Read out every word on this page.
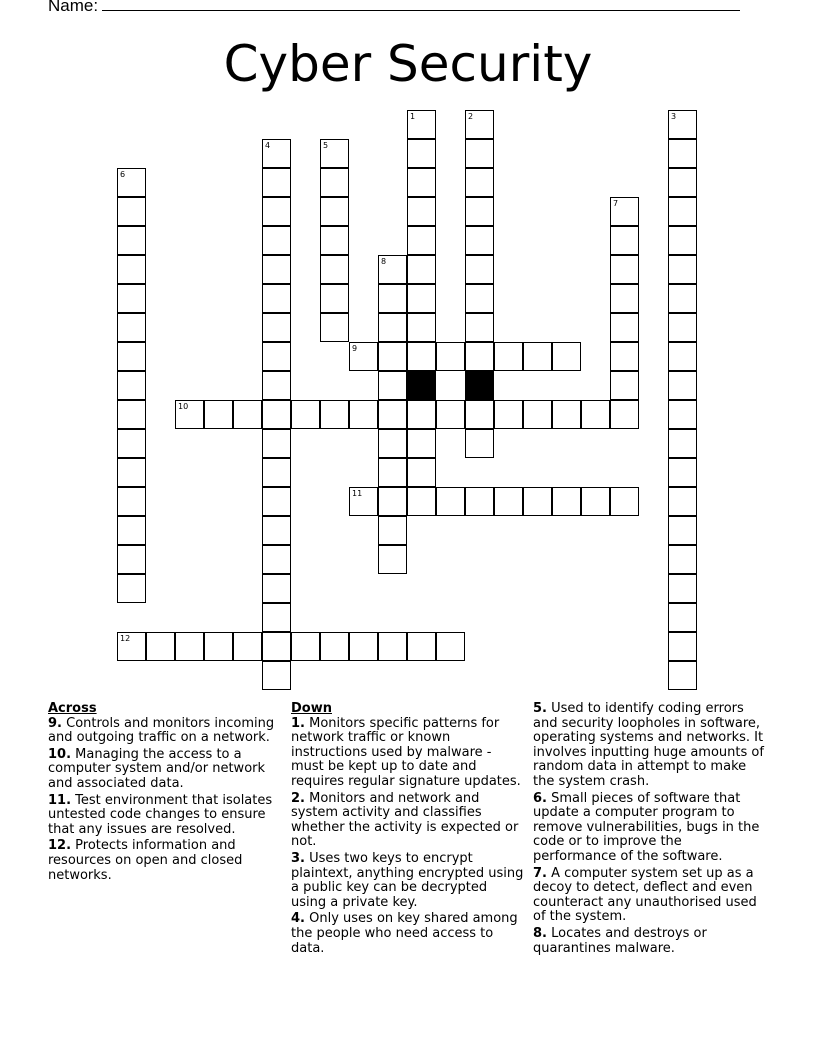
Name:
Cyber Security
1	2	3
4	5
6
7
8
9
10
11
12
Across
9. Controls and monitors incoming and outgoing traffic on a network.
10. Managing the access to a computer system and/or network and associated data.
11. Test environment that isolates untested code changes to ensure that any issues are resolved.
12. Protects information and resources on open and closed networks.
Down
1. Monitors specific patterns for network traffic or known instructions used by malware - must be kept up to date and requires regular signature updates.
2. Monitors and network and system activity and classifies whether the activity is expected or not.
3. Uses two keys to encrypt plaintext, anything encrypted using a public key can be decrypted using a private key.
4. Only uses on key shared among the people who need access to data.
5. Used to identify coding errors and security loopholes in software, operating systems and networks. It involves inputting huge amounts of random data in attempt to make the system crash.
6. Small pieces of software that update a computer program to remove vulnerabilities, bugs in the code or to improve the performance of the software.
7. A computer system set up as a decoy to detect, deflect and even counteract any unauthorised used of the system.
8. Locates and destroys or quarantines malware.
